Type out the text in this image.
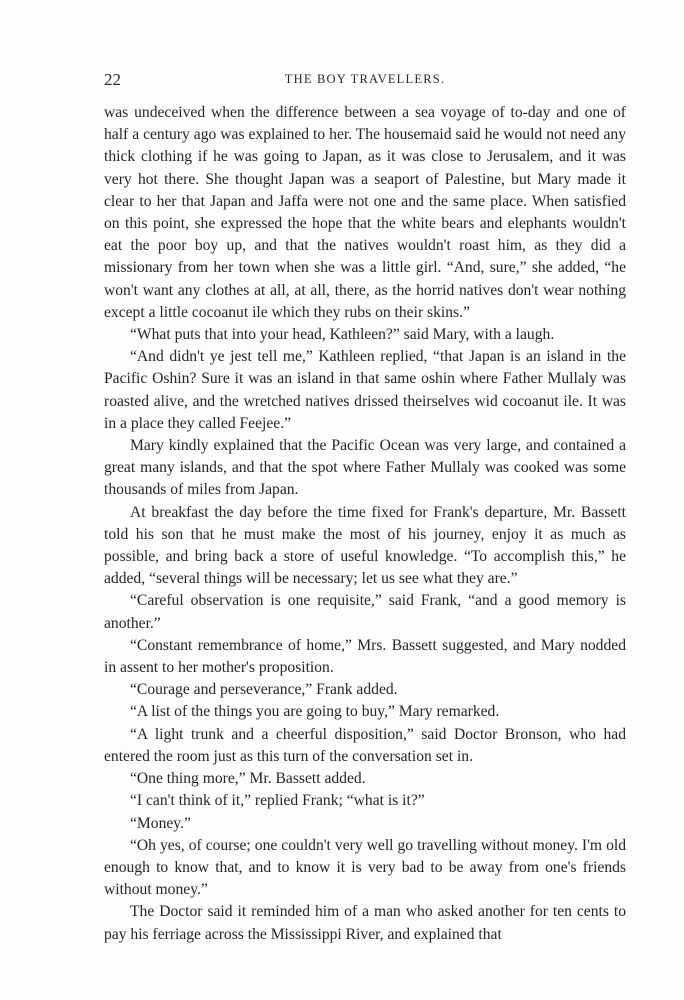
22	THE BOY TRAVELLERS.

was undeceived when the difference between a sea voyage of to-day and one of half a century ago was explained to her. The housemaid said he would not need any thick clothing if he was going to Japan, as it was close to Jerusalem, and it was very hot there. She thought Japan was a seaport of Palestine, but Mary made it clear to her that Japan and Jaffa were not one and the same place. When satisfied on this point, she expressed the hope that the white bears and elephants wouldn't eat the poor boy up, and that the natives wouldn't roast him, as they did a missionary from her town when she was a little girl. “And, sure,” she added, “he won't want any clothes at all, at all, there, as the horrid natives don't wear nothing except a little cocoanut ile which they rubs on their skins.”

“What puts that into your head, Kathleen?” said Mary, with a laugh.

“And didn't ye jest tell me,” Kathleen replied, “that Japan is an island in the Pacific Oshin? Sure it was an island in that same oshin where Father Mullaly was roasted alive, and the wretched natives drissed theirselves wid cocoanut ile. It was in a place they called Feejee.”

Mary kindly explained that the Pacific Ocean was very large, and contained a great many islands, and that the spot where Father Mullaly was cooked was some thousands of miles from Japan.

At breakfast the day before the time fixed for Frank's departure, Mr. Bassett told his son that he must make the most of his journey, enjoy it as much as possible, and bring back a store of useful knowledge. “To accomplish this,” he added, “several things will be necessary; let us see what they are.”

“Careful observation is one requisite,” said Frank, “and a good memory is another.”

“Constant remembrance of home,” Mrs. Bassett suggested, and Mary nodded in assent to her mother's proposition.

“Courage and perseverance,” Frank added.

“A list of the things you are going to buy,” Mary remarked.

“A light trunk and a cheerful disposition,” said Doctor Bronson, who had entered the room just as this turn of the conversation set in.

“One thing more,” Mr. Bassett added.

“I can't think of it,” replied Frank; “what is it?”

“Money.”

“Oh yes, of course; one couldn't very well go travelling without money. I'm old enough to know that, and to know it is very bad to be away from one's friends without money.”

The Doctor said it reminded him of a man who asked another for ten cents to pay his ferriage across the Mississippi River, and explained that
